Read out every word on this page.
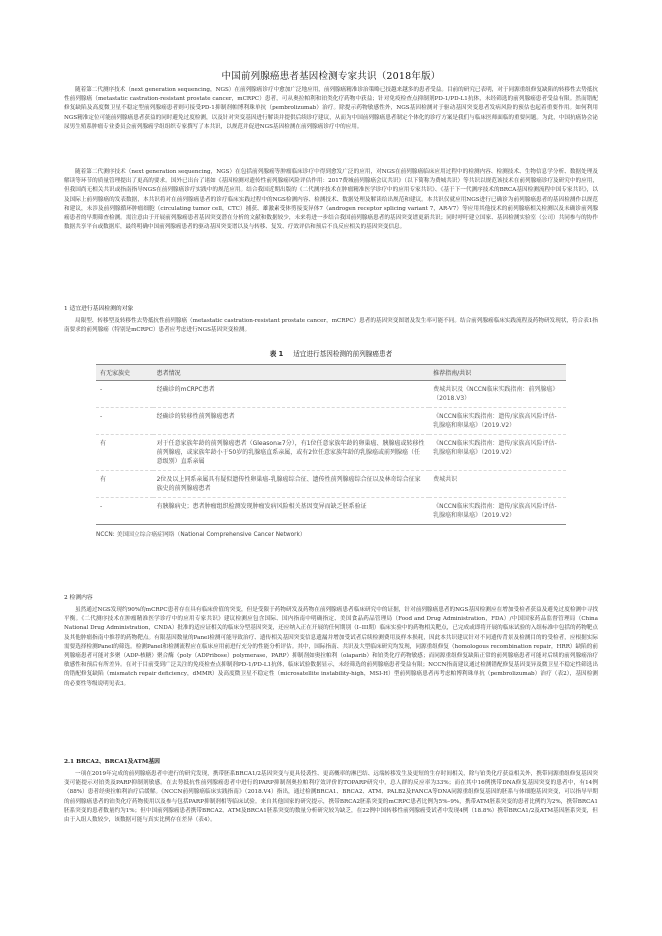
中国前列腺癌患者基因检测专家共识（2018年版）
随着第二代测序技术（next generation sequencing，NGS）在前列腺癌诊疗中愈加广泛地应用，前列腺癌精准诊治策略已技越来越多的患者受益。目前的研究已表明，对于同源重组修复缺陷的转移性去势抵抗性前列腺癌（metastatic castration-resistant prostate cancer，mCRPC）患者，可从奥拉帕利和铂类化疗药物中获益；针对免疫检查点抑制剂PD-1/PD-L1抗体，未经筛选的前列腺癌患者受益有限。然而错配修复缺陷及高度微卫星不稳定型前列腺癌患者则可接受PD-1抑制剂帕博利珠单抗（pembrolizumab）治疗。除提示药物敏感性外，NGS基因检测对于驱动基因突变患者发病风险的预估也起着重要作用。如何利用NGS精准定位可能前列腺癌患者获益的同时避免过度检测，以及针对突变基因进行解读并提供后续诊疗建议，从而为中国前列腺癌患者制定个体化的诊疗方案是我们与临床医师面临的重要问题。为此，中国抗癌协会泌尿男生殖系肿瘤专业委员会前列腺癌学组组织专家撰写了本共识，以规范并促进NGS基因检测在前列腺癌诊疗中的应用。
随着第二代测序技术（next generation sequencing，NGS）在包括前列腺癌等肿瘤临床诊疗中得到愈发广泛的应用，对NGS在前列腺癌临床应用过程中的检测内容、检测技术、生物信息学分析、数据处理及解读等环节的质量管理提出了更高的要求。国外已出台了诸如《基因检测对遗传性前列腺癌风险评估作用：2017费城前列腺癌会议共识》（以下简称为费城共识）等共识以规范该技术在前列腺癌诊疗及研究中的应用，但我国尚无相关共识或指南指导NGS在前列腺癌诊疗实践中的规范应用。结合我国近期出版的《二代测序技术在肿瘤精准医学诊疗中的应用专家共识》、《基于下一代测序技术的BRCA基因检测流程中国专家共识》，以及国际上前列腺癌的发表数据，本共识将对在前列腺癌患者的诊疗临床实践过程中的NGS检测内容、检测技术、数据处理及解读给出规范和建议。本共识仅就应用NGS进行已确诊为前列腺癌患者的基因检测作以规范和建议，未涉及前列腺循环肿瘤细胞（circulating tumor cell，CTC）捕获、雄激素受体剪接变异体7（androgen receptor splicing variant 7，AR-V7）等应用其他技术的前列腺癌相关检测以及未确诊前列腺癌患者的早期筛查检测。需注意由于开展前列腺癌患者基因突变潜在分析的文献和数据较少，未来将进一步结合我国前列腺癌患者的基因突变谱更新共识；同时呼吁建立国家、基因检测实验室（公司）共同参与的协作数据共享平台或数据库，最终明确中国前列腺癌患者的驱动基因突变谱以及与转移、复发、疗效评估和预后不良反应相关的基因突变信息。
1 适宜进行基因检测的对象
局限型、转移型及转移性去势抵抗性前列腺癌（metastatic castration-resistant prostate cancer，mCRPC）患者的基因突变图谱及发生率可能不同。结合前列腺癌临床实践流程及药物研发现状，符合表1指南要求的前列腺癌（特别是mCRPC）患者应考虑进行NGS基因突变检测。
表 1 适宜进行基因检测的前列腺癌患者
有无家族史	患者情况	推荐指南/共识
-	经确诊的mCRPC患者	费城共识及《NCCN临床实践指南：前列腺癌》（2018.V3）
-	经确诊的转移性前列腺癌患者	《NCCN临床实践指南：遗传/家族高风险评估-乳腺癌和卵巢癌》（2019.V2）
有	对于任意家族年龄的前列腺癌患者（Gleason≥7分），有1位任意家族年龄的卵巢癌、胰腺癌或转移性前列腺癌，或家族年龄小于50岁的乳腺癌直系亲属，或有2位任意家族年龄的乳腺癌或前列腺癌（任意级别）直系亲属	《NCCN临床实践指南：遗传/家族高风险评估-乳腺癌和卵巢癌》（2019.V2）
有	2位及以上同系亲属具有疑似遗传性卵巢癌-乳腺癌综合征、遗传性前列腺癌综合征以及林奇综合征家族史的前列腺癌患者	费城共识
-	有胰腺病史；患者肿瘤组织检测发现肿瘤发病风险相关基因变异而缺乏胚系验证	《NCCN临床实践指南：遗传/家族高风险评估-乳腺癌和卵巢癌》（2019.V2）
NCCN: 美国国立综合癌症网络（National Comprehensive Cancer Network）
2 检测内容
虽然通过NGS发现约90%的mCRPC患者存在具有临床价值的突变，但是受限于药物研发及药物在前列腺癌患者临床研究中的证据，针对前列腺癌患者的NGS基因检测应在增加受检者获益及避免过度检测中寻找平衡。《二代测序技术在肿瘤精准医学诊疗中的应用专家共识》建议检测应包含国际、国内指南中明确指定、美国食品药品管理局（Food and Drug Administration，FDA）/中国国家药品监督管理局（China National Drug Administration，CNDA）批准的适应证相关的临床分型基因突变，还应纳入正在开展的任何期别（I–III期）临床实验中的药物相关靶点，已完成或即将开展的临床试验的入组标准中包括的药物靶点及其他肿瘤指南中推荐的药物靶点。有限基因数量的Panel检测可能导致治疗、遗传相关基因突变信息遗漏并增加受试者后续检测费用及样本损耗，因此本共识建议针对不同遗传背景及检测目的的受检者，应根据实际需要选择检测Panel的筛选。检测Panel和检测流程应在临床应用前进行充分的性能分析评估。其中，国际指南、共识及大型临床研究均发现，同源重组修复（homologous recombination repair，HRR）缺陷的前列腺癌患者可能对多聚（ADP-核糖）聚合酶（poly（ADPribose）polymerase，PARP）抑制剂如奥拉帕利（olaparib）和铂类化疗药物敏感；而同源重组修复缺陷正常的前列腺癌患者可能对后续的前列腺癌治疗敏感性和预后有所差异。在对于目前受到广泛关注的免疫检查点抑制剂PD-1/PD-L1抗体，临床试验数据显示，未经筛选的前列腺癌患者受益有限；NCCN指南建议通过检测错配修复基因变异及微卫星不稳定性筛选出的错配修复缺陷（mismatch repair deficiency，dMMR）及高度微卫星不稳定性（microsatellite instability-high，MSI-H）型前列腺癌患者再考虑帕博利珠单抗（pembrolizumab）治疗（表2），基因检测的必要性等级说明见表3。
2.1 BRCA2、BRCA1及ATM基因
一项在2019年完成的前列腺癌患者中进行的研究发现，携带胚系BRCA1/2基因突变与更具侵袭性、更高概率的淋巴结、远端转移发生及更短的生存时间相关，除与铂类化疗获益相关外，携带同源重组修复基因突变可能提示对铂类及PARP抑制剂敏感。在去势抵抗性前列腺癌患者中进行的PARP抑制剂奥拉帕利疗效评价的TOPARP研究中，总人群的反应率为33%；而在其中16例携带DNA修复基因突变的患者中，有14例（88%）患者经奥拉帕利治疗后缓解。《NCCN前列腺癌临床实践指南》（2018.V4）指出，通过检测BRCA1、BRCA2、ATM、PALB2及FANCA等DNA同源重组修复基因的胚系与体细胞基因突变，可以指导早期的前列腺癌患者的铂类化疗药物使用以及参与包括PARP抑制剂相等临床试验。来自其他国家的研究提示，携带BRCA2胚系突变的mCRPC患者比例为5%–9%，携带ATM胚系突变的患者比例约为2%，携带BRCA1胚系突变的患者数量约为1%；但中国前列腺癌患者携带BRCA2、ATM及BRCA1胚系突变的数量分析研究较为缺乏，在22例中国转移性前列腺癌受试者中发现4例（18.8%）携带BRCA1/2及ATM基因胚系突变，但由于入组人数较少，该数据可能与真实比例存在差异（表4）。
